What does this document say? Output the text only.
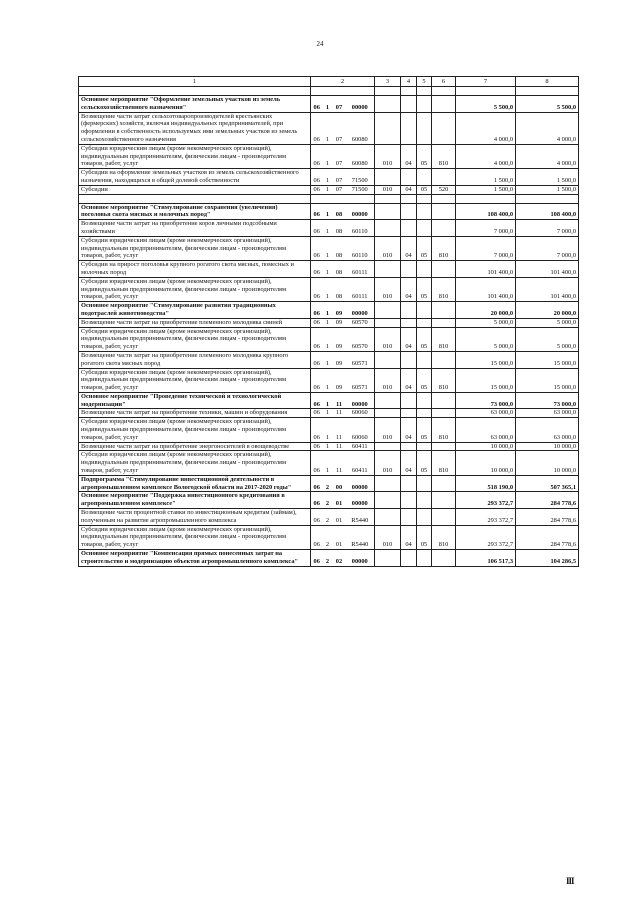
24
1	2				3	4	5	6	7	8

Основное мероприятие "Оформление земельных участков из земель сельскохозяйственного назначения"	06	1	07	00000					5 500,0	5 500,0
Возмещение части затрат сельхозтоваропроизводителей крестьянских (фермерских) хозяйств, включая индивидуальных предпринимателей, при оформлении в собственность используемых ими земельных участков из земель сельскохозяйственного назначения	06	1	07	60080					4 000,0	4 000,0
Субсидии юридическим лицам (кроме некоммерческих организаций), индивидуальным предпринимателям, физическим лицам - производителям товаров, работ, услуг	06	1	07	60080	010	04	05	810	4 000,0	4 000,0
Субсидии на оформление земельных участков из земель сельскохозяйственного назначения, находящихся в общей долевой собственности	06	1	07	71500					1 500,0	1 500,0
Субсидии	06	1	07	71500	010	04	05	520	1 500,0	1 500,0

Основное мероприятие "Стимулирование сохранения (увеличения) поголовья скота мясных и молочных пород"	06	1	08	00000					108 400,0	108 400,0
Возмещение части затрат на приобретение коров личными подсобными хозяйствами	06	1	08	60110					7 000,0	7 000,0
Субсидии юридическим лицам (кроме некоммерческих организаций), индивидуальным предпринимателям, физическим лицам - производителям товаров, работ, услуг	06	1	08	60110	010	04	05	810	7 000,0	7 000,0
Субсидии на прирост поголовья крупного рогатого скота мясных, помесных и молочных пород	06	1	08	60111					101 400,0	101 400,0
Субсидии юридическим лицам (кроме некоммерческих организаций), индивидуальным предпринимателям, физическим лицам - производителям товаров, работ, услуг	06	1	08	60111	010	04	05	810	101 400,0	101 400,0
Основное мероприятие "Стимулирование развития традиционных подотраслей животноводства"	06	1	09	00000					20 000,0	20 000,0
Возмещение части затрат на приобретение племенного молодняка свиней	06	1	09	60570					5 000,0	5 000,0
Субсидии юридическим лицам (кроме некоммерческих организаций), индивидуальным предпринимателям, физическим лицам - производителям товаров, работ, услуг	06	1	09	60570	010	04	05	810	5 000,0	5 000,0
Возмещение части затрат на приобретение племенного молодняка крупного рогатого скота мясных пород	06	1	09	60571					15 000,0	15 000,0
Субсидии юридическим лицам (кроме некоммерческих организаций), индивидуальным предпринимателям, физическим лицам - производителям товаров, работ, услуг	06	1	09	60571	010	04	05	810	15 000,0	15 000,0
Основное мероприятие "Проведение технической и технологической модернизации"	06	1	11	00000					73 000,0	73 000,0
Возмещение части затрат на приобретение техники, машин и оборудования	06	1	11	60060					63 000,0	63 000,0
Субсидии юридическим лицам (кроме некоммерческих организаций), индивидуальным предпринимателям, физическим лицам - производителям товаров, работ, услуг	06	1	11	60060	010	04	05	810	63 000,0	63 000,0
Возмещение части затрат на приобретение энергоносителей в овощеводстве	06	1	11	60411					10 000,0	10 000,0
Субсидии юридическим лицам (кроме некоммерческих организаций), индивидуальным предпринимателям, физическим лицам - производителям товаров, работ, услуг	06	1	11	60411	010	04	05	810	10 000,0	10 000,0
Подпрограмма "Стимулирование инвестиционной деятельности в агропромышленном комплексе Вологодской области на 2017-2020 годы"	06	2	00	00000					518 190,0	507 365,1
Основное мероприятие "Поддержка инвестиционного кредитования в агропромышленном комплексе"	06	2	01	00000					293 372,7	284 778,6
Возмещение части процентной ставки по инвестиционным кредитам (займам), полученным на развитие агропромышленного комплекса	06	2	01	R5440					293 372,7	284 778,6
Субсидии юридическим лицам (кроме некоммерческих организаций), индивидуальным предпринимателям, физическим лицам - производителям товаров, работ, услуг	06	2	01	R5440	010	04	05	810	293 372,7	284 778,6
Основное мероприятие "Компенсация прямых понесенных затрат на строительство и модернизацию объектов агропромышленного комплекса"	06	2	02	00000					106 517,3	104 286,5
III
